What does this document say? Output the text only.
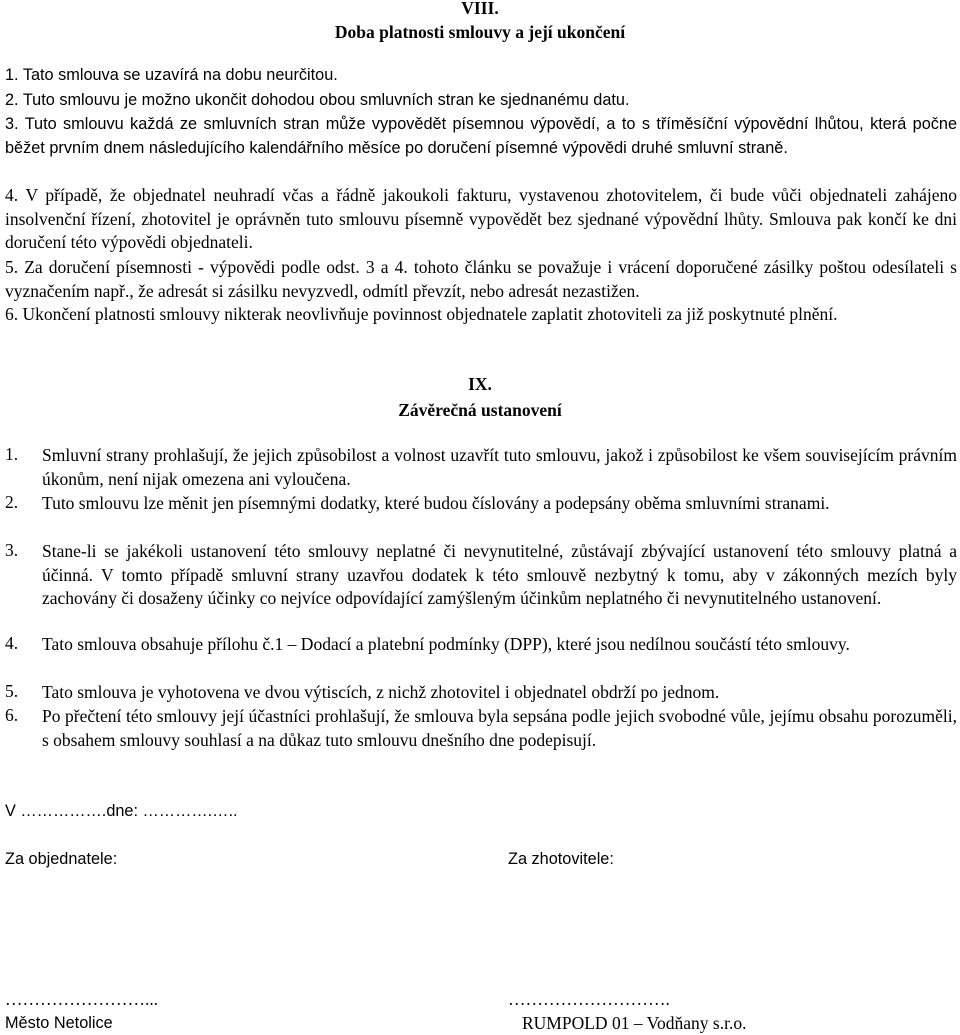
VIII.
Doba platnosti smlouvy a její ukončení
1. Tato smlouva se uzavírá na dobu neurčitou.
2. Tuto smlouvu je možno ukončit dohodou obou smluvních stran ke sjednanému datu.
3. Tuto smlouvu každá ze smluvních stran může vypovědět písemnou výpovědí, a to s tříměsíční výpovědní lhůtou, která počne běžet prvním dnem následujícího kalendářního měsíce po doručení písemné výpovědi druhé smluvní straně.
4. V případě, že objednatel neuhradí včas a řádně jakoukoli fakturu, vystavenou zhotovitelem, či bude vůči objednateli zahájeno insolvenční řízení, zhotovitel je oprávněn tuto smlouvu písemně vypovědět bez sjednané výpovědní lhůty. Smlouva pak končí ke dni doručení této výpovědi objednateli.
5. Za doručení písemnosti - výpovědi podle odst. 3 a 4. tohoto článku se považuje i vrácení doporučené zásilky poštou odesílateli s vyznačením např., že adresát si zásilku nevyzvedl, odmítl převzít, nebo adresát nezastižen.
6. Ukončení platnosti smlouvy nikterak neovlivňuje povinnost objednatele zaplatit zhotoviteli za již poskytnuté plnění.
IX.
Závěrečná ustanovení
1.	Smluvní strany prohlašují, že jejich způsobilost a volnost uzavřít tuto smlouvu, jakož i způsobilost ke všem souvisejícím právním úkonům, není nijak omezena ani vyloučena.
2.	Tuto smlouvu lze měnit jen písemnými dodatky, které budou číslovány a podepsány oběma smluvními stranami.
3.	Stane-li se jakékoli ustanovení této smlouvy neplatné či nevynutitelné, zůstávají zbývající ustanovení této smlouvy platná a účinná. V tomto případě smluvní strany uzavřou dodatek k této smlouvě nezbytný k tomu, aby v zákonných mezích byly zachovány či dosaženy účinky co nejvíce odpovídající zamýšleným účinkům neplatného či nevynutitelného ustanovení.
4.	Tato smlouva obsahuje přílohu č.1 – Dodací a platební podmínky (DPP), které jsou nedílnou součástí této smlouvy.
5.	Tato smlouva je vyhotovena ve dvou výtiscích, z nichž zhotovitel i objednatel obdrží po jednom.
6.	Po přečtení této smlouvy její účastníci prohlašují, že smlouva byla sepsána podle jejich svobodné vůle, jejímu obsahu porozuměli, s obsahem smlouvy souhlasí a na důkaz tuto smlouvu dnešního dne podepisují.
V …………….dne: ………….…..
Za objednatele:	Za zhotovitele:
……………………...	……………………….
Město Netolice	RUMPOLD 01 – Vodňany s.r.o.
